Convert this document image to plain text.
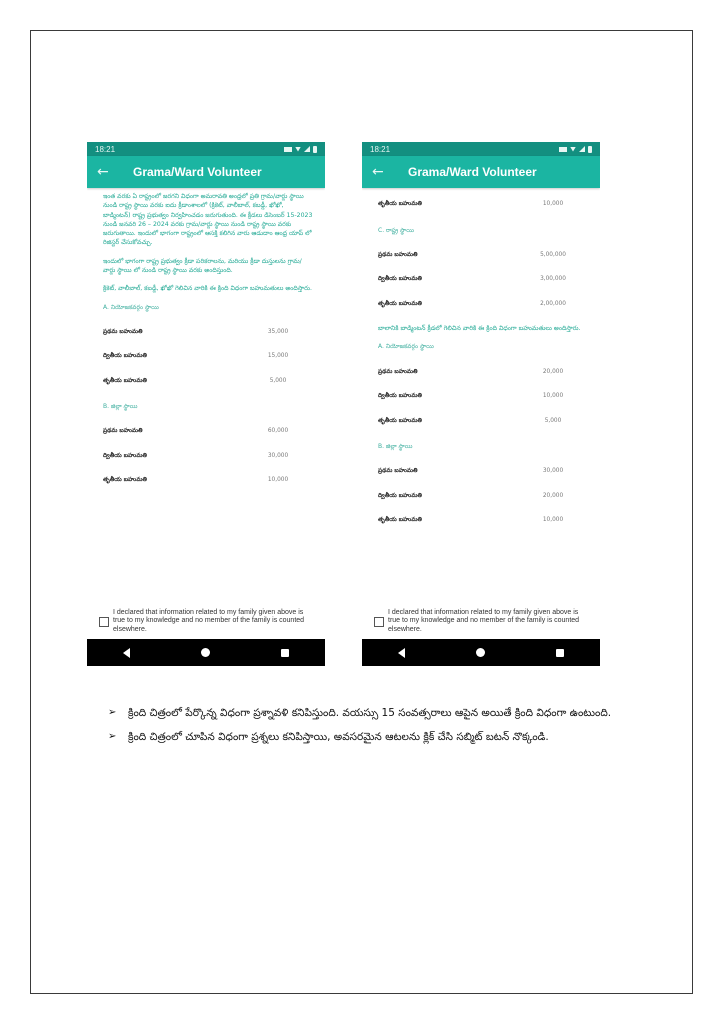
18:21
←	Grama/Ward Volunteer

ఇంత వరకు ఏ రాష్ట్రంలో జరగని విధంగా అమరావతి అంధ్రలో ప్రతి గ్రామ/వార్డు స్థాయి నుండి రాష్ట్ర స్థాయి వరకు ఐదు క్రీడాంశాలలో (క్రికెట్, వాలీబాల్, కబడ్డీ, ఖోఖో, బాడ్మింటన్) రాష్ట్ర ప్రభుత్వం నిర్వహించడం జరుగుతుంది. ఈ క్రీడలు డిసెంబర్ 15-2023 నుండి జనవరి 26 – 2024 వరకు గ్రామ/వార్డు స్థాయి నుండి రాష్ట్ర స్థాయి వరకు జరుగుతాయి. ఇందులో భాగంగా రాష్ట్రంలో ఆసక్తి కలిగిన వారు ఆడుదాం ఆంధ్ర యాప్ లో రిజిస్టర్ చేసుకోవచ్చు.

ఇందులో భాగంగా రాష్ట్ర ప్రభుత్వం క్రీడా పరికరాలను, మరియు క్రీడా దుస్తులను గ్రామ/వార్డు స్థాయి లో నుండి రాష్ట్ర స్థాయి వరకు అందిస్తుంది.

క్రికెట్, వాలీబాల్, కబడ్డీ, ఖోఖో గెలిచిన వారికి ఈ క్రింది విధంగా బహుమతులు అందిస్తారు.

A. నియోజకవర్గం స్థాయి
ప్రథమ బహుమతి	35,000
ద్వితీయ బహుమతి	15,000
తృతీయ బహుమతి	5,000
B. జిల్లా స్థాయి
ప్రథమ బహుమతి	60,000
ద్వితీయ బహుమతి	30,000
తృతీయ బహుమతి	10,000
I declared that information related to my family given above is true to my knowledge and no member of the family is counted elsewhere.
18:21
←	Grama/Ward Volunteer
తృతీయ బహుమతి	10,000
C. రాష్ట్ర స్థాయి
ప్రథమ బహుమతి	5,00,000
ద్వితీయ బహుమతి	3,00,000
తృతీయ బహుమతి	2,00,000

బాలానికి బాడ్మింటన్ క్రీడలో గెలిచిన వారికి ఈ క్రింది విధంగా బహుమతులు అందిస్తారు.

A. నియోజకవర్గం స్థాయి
ప్రథమ బహుమతి	20,000
ద్వితీయ బహుమతి	10,000
తృతీయ బహుమతి	5,000
B. జిల్లా స్థాయి
ప్రథమ బహుమతి	30,000
ద్వితీయ బహుమతి	20,000
తృతీయ బహుమతి	10,000
I declared that information related to my family given above is true to my knowledge and no member of the family is counted elsewhere.
➢	క్రింది చిత్రంలో పేర్కొన్న విధంగా ప్రశ్నావళి కనిపిస్తుంది. వయస్సు 15 సంవత్సరాలు ఆపైన అయితే క్రింది విధంగా ఉంటుంది.
➢	క్రింది చిత్రంలో చూపిన విధంగా ప్రశ్నలు కనిపిస్తాయి, అవసరమైన ఆటలను క్లిక్ చేసి సబ్మిట్ బటన్ నొక్కండి.
